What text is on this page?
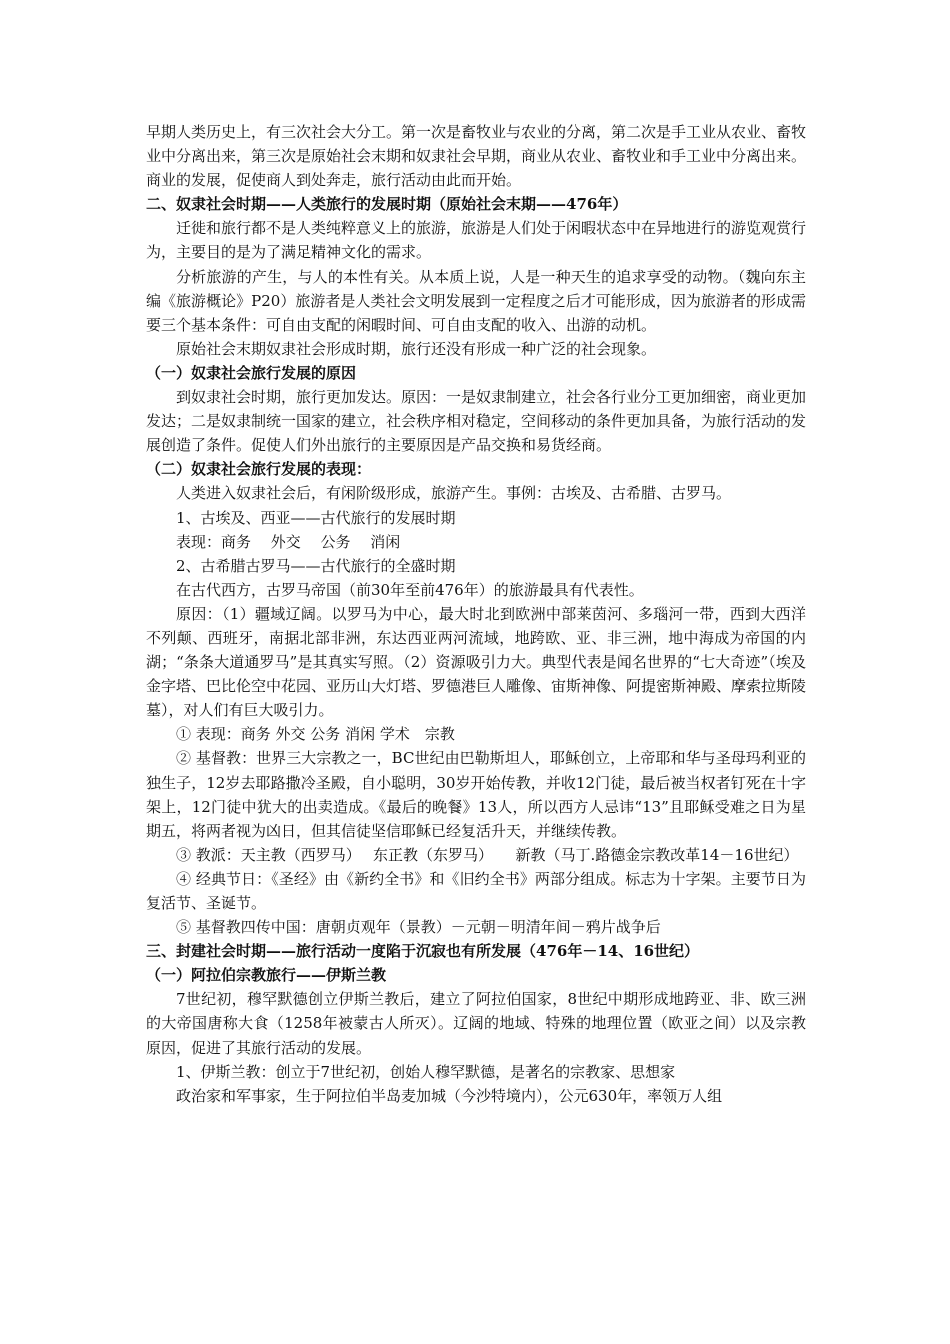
早期人类历史上，有三次社会大分工。第一次是畜牧业与农业的分离，第二次是手工业从农业、畜牧业中分离出来，第三次是原始社会末期和奴隶社会早期，商业从农业、畜牧业和手工业中分离出来。商业的发展，促使商人到处奔走，旅行活动由此而开始。

二、奴隶社会时期——人类旅行的发展时期（原始社会末期——476年）

迁徙和旅行都不是人类纯粹意义上的旅游，旅游是人们处于闲暇状态中在异地进行的游览观赏行为，主要目的是为了满足精神文化的需求。

分析旅游的产生，与人的本性有关。从本质上说，人是一种天生的追求享受的动物。（魏向东主编《旅游概论》P20）旅游者是人类社会文明发展到一定程度之后才可能形成，因为旅游者的形成需要三个基本条件：可自由支配的闲暇时间、可自由支配的收入、出游的动机。

原始社会末期奴隶社会形成时期，旅行还没有形成一种广泛的社会现象。

（一）奴隶社会旅行发展的原因

到奴隶社会时期，旅行更加发达。原因：一是奴隶制建立，社会各行业分工更加细密，商业更加发达；二是奴隶制统一国家的建立，社会秩序相对稳定，空间移动的条件更加具备，为旅行活动的发展创造了条件。促使人们外出旅行的主要原因是产品交换和易货经商。

（二）奴隶社会旅行发展的表现：

人类进入奴隶社会后，有闲阶级形成，旅游产生。事例：古埃及、古希腊、古罗马。

1、古埃及、西亚——古代旅行的发展时期

表现：商务　 外交　 公务　 消闲

2、古希腊古罗马——古代旅行的全盛时期

在古代西方，古罗马帝国（前30年至前476年）的旅游最具有代表性。

原因：（1）疆域辽阔。以罗马为中心，最大时北到欧洲中部莱茵河、多瑙河一带，西到大西洋不列颠、西班牙，南据北部非洲，东达西亚两河流域，地跨欧、亚、非三洲，地中海成为帝国的内湖；“条条大道通罗马”是其真实写照。（2）资源吸引力大。典型代表是闻名世界的“七大奇迹”（埃及金字塔、巴比伦空中花园、亚历山大灯塔、罗德港巨人雕像、宙斯神像、阿提密斯神殿、摩索拉斯陵墓），对人们有巨大吸引力。

① 表现：商务 外交 公务 消闲 学术　宗教

② 基督教：世界三大宗教之一，BC世纪由巴勒斯坦人，耶稣创立，上帝耶和华与圣母玛利亚的独生子，12岁去耶路撒冷圣殿，自小聪明，30岁开始传教，并收12门徒，最后被当权者钉死在十字架上，12门徒中犹大的出卖造成。《最后的晚餐》13人，所以西方人忌讳“13”且耶稣受难之日为星期五，将两者视为凶日，但其信徒坚信耶稣已经复活升天，并继续传教。

③ 教派：天主教（西罗马）　 东正教（东罗马）　　新教（马丁.路德金宗教改革14－16世纪）

④ 经典节日：《圣经》由《新约全书》和《旧约全书》两部分组成。标志为十字架。主要节日为复活节、圣诞节。

⑤ 基督教四传中国：唐朝贞观年（景教）－元朝－明清年间－鸦片战争后

三、封建社会时期——旅行活动一度陷于沉寂也有所发展（476年－14、16世纪）

（一）阿拉伯宗教旅行——伊斯兰教

7世纪初，穆罕默德创立伊斯兰教后，建立了阿拉伯国家，8世纪中期形成地跨亚、非、欧三洲的大帝国唐称大食（1258年被蒙古人所灭）。辽阔的地域、特殊的地理位置（欧亚之间）以及宗教原因，促进了其旅行活动的发展。

1、伊斯兰教：创立于7世纪初，创始人穆罕默德，是著名的宗教家、思想家

政治家和军事家，生于阿拉伯半岛麦加城（今沙特境内），公元630年，率领万人组
